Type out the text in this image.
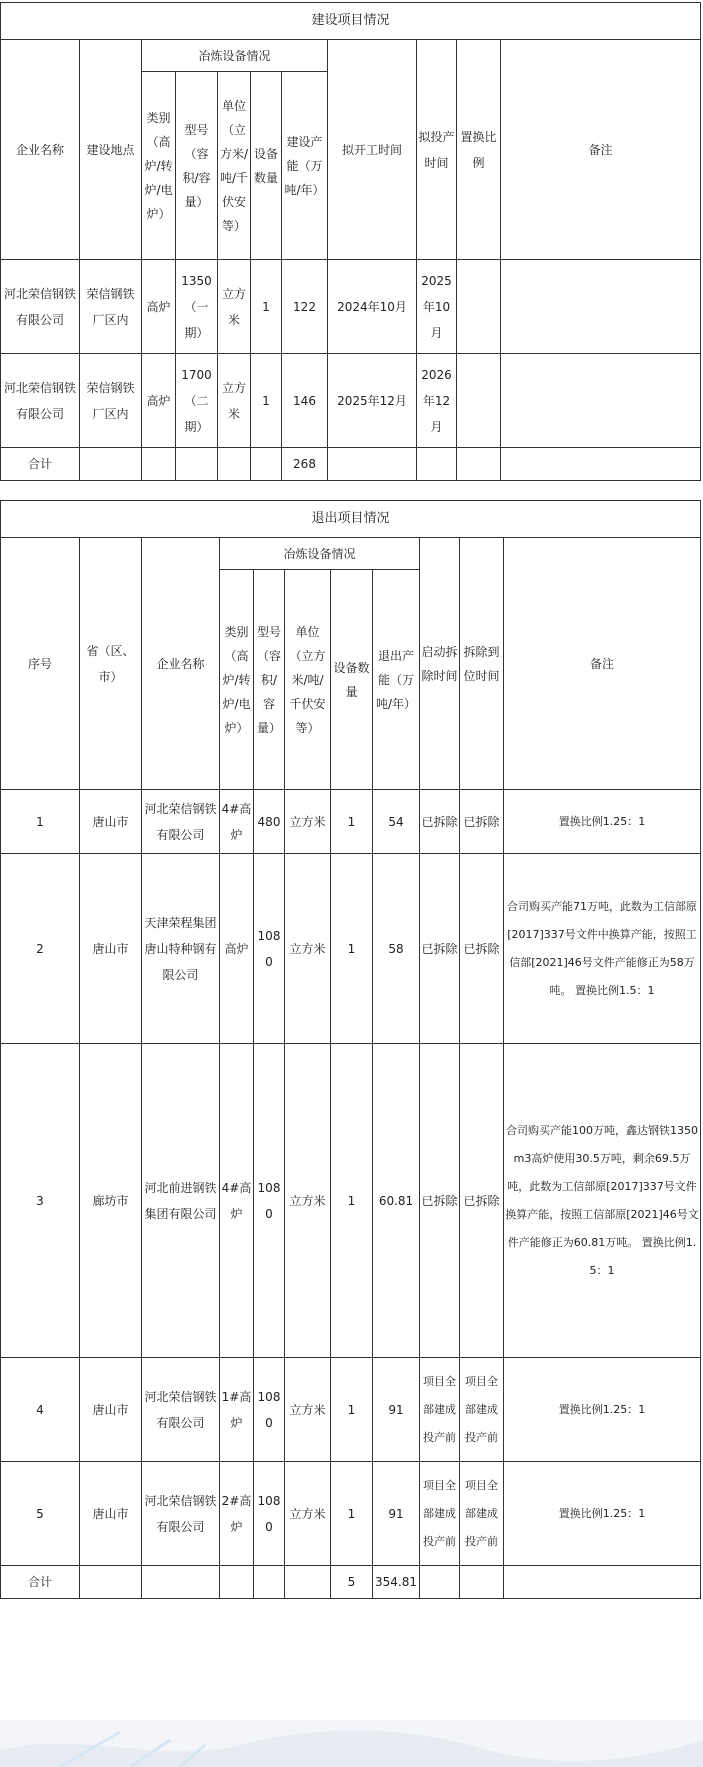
建设项目情况										
企业名称	建设地点	冶炼设备情况					拟开工时间	拟投产时间	置换比例	备注
		类别（高炉/转炉/电炉）	型号（容积/容量）	单位（立方米/吨/千伏安等）	设备数量	建设产能（万吨/年）				
河北荣信钢铁有限公司	荣信钢铁厂区内	高炉	1350（一期）	立方米	1	122	2024年10月	2025年10月		
河北荣信钢铁有限公司	荣信钢铁厂区内	高炉	1700（二期）	立方米	1	146	2025年12月	2026年12月		
合计						268				
退出项目情况										
序号	省（区、市）	企业名称	冶炼设备情况					启动拆除时间	拆除到位时间	备注
			类别（高炉/转炉/电炉）	型号（容积/容量）	单位（立方米/吨/千伏安等）	设备数量	退出产能（万吨/年）			
1	唐山市	河北荣信钢铁有限公司	4#高炉	480	立方米	1	54	已拆除	已拆除	置换比例1.25：1
2	唐山市	天津荣程集团唐山特种钢有限公司	高炉	1080	立方米	1	58	已拆除	已拆除	合司购买产能71万吨，此数为工信部原[2017]337号文件中换算产能，按照工信部[2021]46号文件产能修正为58万吨。 置换比例1.5：1
3	廊坊市	河北前进钢铁集团有限公司	4#高炉	1080	立方米	1	60.81	已拆除	已拆除	合司购买产能100万吨，鑫达钢铁1350m3高炉使用30.5万吨，剩余69.5万吨，此数为工信部原[2017]337号文件换算产能，按照工信部原[2021]46号文件产能修正为60.81万吨。 置换比例1.5：1
4	唐山市	河北荣信钢铁有限公司	1#高炉	1080	立方米	1	91	项目全部建成投产前	项目全部建成投产前	置换比例1.25：1
5	唐山市	河北荣信钢铁有限公司	2#高炉	1080	立方米	1	91	项目全部建成投产前	项目全部建成投产前	置换比例1.25：1
合计						5	354.81			
